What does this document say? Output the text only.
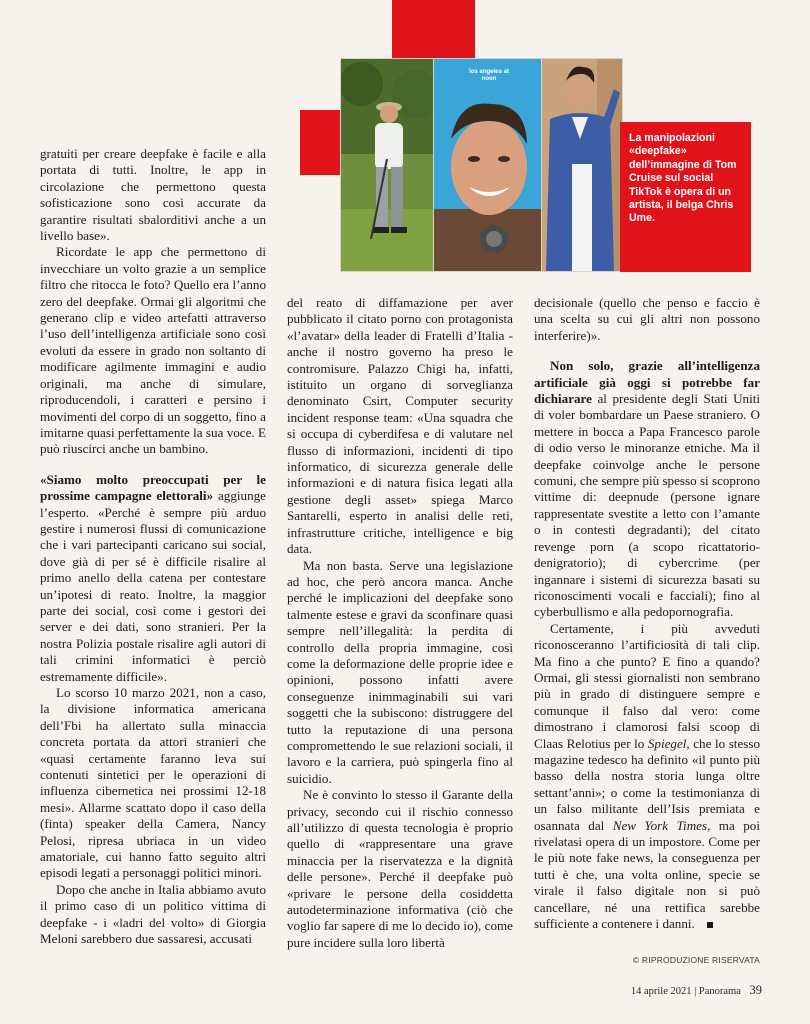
los angeles at noon
La manipolazioni «deepfake» dell’immagine di Tom Cruise sul social TikTok è opera di un artista, il belga Chris Ume.

gratuiti per creare deepfake è facile e alla portata di tutti. Inoltre, le app in circolazione che permettono questa sofisticazione sono così accurate da garantire risultati sbalorditivi anche a un livello base».

Ricordate le app che permettono di invecchiare un volto grazie a un semplice filtro che ritocca le foto? Quello era l’anno zero del deepfake. Ormai gli algoritmi che generano clip e video artefatti attraverso l’uso dell’intelligenza artificiale sono così evoluti da essere in grado non soltanto di modificare agilmente immagini e audio originali, ma anche di simulare, riproducendoli, i caratteri e persino i movimenti del corpo di un soggetto, fino a imitarne quasi perfettamente la sua voce. E può riuscirci anche un bambino.

«Siamo molto preoccupati per le prossime campagne elettorali» aggiunge l’esperto. «Perché è sempre più arduo gestire i numerosi flussi di comunicazione che i vari partecipanti caricano sui social, dove già di per sé è difficile risalire al primo anello della catena per contestare un’ipotesi di reato. Inoltre, la maggior parte dei social, così come i gestori dei server e dei dati, sono stranieri. Per la nostra Polizia postale risalire agli autori di tali crimini informatici è perciò estremamente difficile».

Lo scorso 10 marzo 2021, non a caso, la divisione informatica americana dell’Fbi ha allertato sulla minaccia concreta portata da attori stranieri che «quasi certamente faranno leva sui contenuti sintetici per le operazioni di influenza cibernetica nei prossimi 12-18 mesi». Allarme scattato dopo il caso della (finta) speaker della Camera, Nancy Pelosi, ripresa ubriaca in un video amatoriale, cui hanno fatto seguito altri episodi legati a personaggi politici minori.

Dopo che anche in Italia abbiamo avuto il primo caso di un politico vittima di deepfake - i «ladri del volto» di Giorgia Meloni sarebbero due sassaresi, accusati

del reato di diffamazione per aver pubblicato il citato porno con protagonista «l’avatar» della leader di Fratelli d’Italia - anche il nostro governo ha preso le contromisure. Palazzo Chigi ha, infatti, istituito un organo di sorveglianza denominato Csirt, Computer security incident response team: «Una squadra che si occupa di cyberdifesa e di valutare nel flusso di informazioni, incidenti di tipo informatico, di sicurezza generale delle informazioni e di natura fisica legati alla gestione degli asset» spiega Marco Santarelli, esperto in analisi delle reti, infrastrutture critiche, intelligence e big data.

Ma non basta. Serve una legislazione ad hoc, che però ancora manca. Anche perché le implicazioni del deepfake sono talmente estese e gravi da sconfinare quasi sempre nell’illegalità: la perdita di controllo della propria immagine, così come la deformazione delle proprie idee e opinioni, possono infatti avere conseguenze inimmaginabili sui vari soggetti che la subiscono: distruggere del tutto la reputazione di una persona compromettendo le sue relazioni sociali, il lavoro e la carriera, può spingerla fino al suicidio.

Ne è convinto lo stesso il Garante della privacy, secondo cui il rischio connesso all’utilizzo di questa tecnologia è proprio quello di «rappresentare una grave minaccia per la riservatezza e la dignità delle persone». Perché il deepfake può «privare le persone della cosiddetta autodeterminazione informativa (ciò che voglio far sapere di me lo decido io), come pure incidere sulla loro libertà

decisionale (quello che penso e faccio è una scelta su cui gli altri non possono interferire)».

Non solo, grazie all’intelligenza artificiale già oggi si potrebbe far dichiarare al presidente degli Stati Uniti di voler bombardare un Paese straniero. O mettere in bocca a Papa Francesco parole di odio verso le minoranze etniche. Ma il deepfake coinvolge anche le persone comuni, che sempre più spesso si scoprono vittime di: deepnude (persone ignare rappresentate svestite a letto con l’amante o in contesti degradanti); del citato revenge porn (a scopo ricattatorio-denigratorio); di cybercrime (per ingannare i sistemi di sicurezza basati su riconoscimenti vocali e facciali); fino al cyberbullismo e alla pedopornografia.

Certamente, i più avveduti riconosceranno l’artificiosità di tali clip. Ma fino a che punto? E fino a quando? Ormai, gli stessi giornalisti non sembrano più in grado di distinguere sempre e comunque il falso dal vero: come dimostrano i clamorosi falsi scoop di Claas Relotius per lo Spiegel, che lo stesso magazine tedesco ha definito «il punto più basso della nostra storia lunga oltre settant’anni»; o come la testimonianza di un falso militante dell’Isis premiata e osannata dal New York Times, ma poi rivelatasi opera di un impostore. Come per le più note fake news, la conseguenza per tutti è che, una volta online, specie se virale il falso digitale non si può cancellare, né una rettifica sarebbe sufficiente a contenere i danni.

© RIPRODUZIONE RISERVATA
14 aprile 2021 | Panorama 39
